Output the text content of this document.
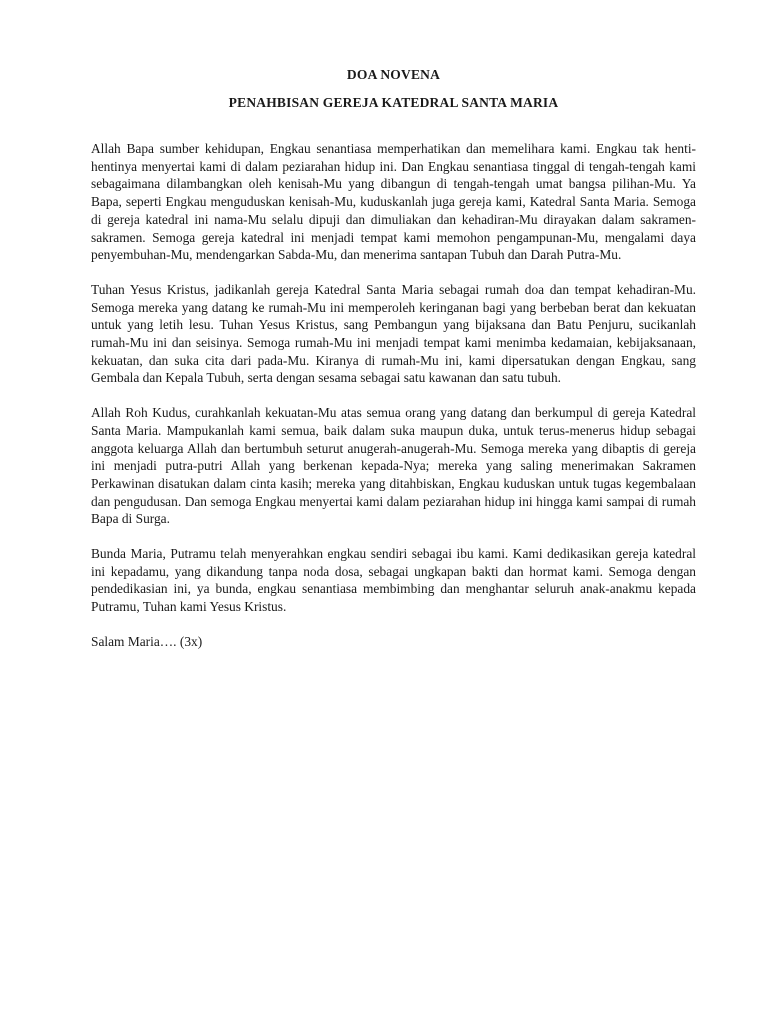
DOA NOVENA
PENAHBISAN GEREJA KATEDRAL SANTA MARIA

Allah Bapa sumber kehidupan, Engkau senantiasa memperhatikan dan memelihara kami. Engkau tak henti-hentinya menyertai kami di dalam peziarahan hidup ini. Dan Engkau senantiasa tinggal di tengah-tengah kami sebagaimana dilambangkan oleh kenisah-Mu yang dibangun di tengah-tengah umat bangsa pilihan-Mu. Ya Bapa, seperti Engkau menguduskan kenisah-Mu, kuduskanlah juga gereja kami, Katedral Santa Maria. Semoga di gereja katedral ini nama-Mu selalu dipuji dan dimuliakan dan kehadiran-Mu dirayakan dalam sakramen-sakramen. Semoga gereja katedral ini menjadi tempat kami memohon pengampunan-Mu, mengalami daya penyembuhan-Mu, mendengarkan Sabda-Mu, dan menerima santapan Tubuh dan Darah Putra-Mu.

Tuhan Yesus Kristus, jadikanlah gereja Katedral Santa Maria sebagai rumah doa dan tempat kehadiran-Mu. Semoga mereka yang datang ke rumah-Mu ini memperoleh keringanan bagi yang berbeban berat dan kekuatan untuk yang letih lesu. Tuhan Yesus Kristus, sang Pembangun yang bijaksana dan Batu Penjuru, sucikanlah rumah-Mu ini dan seisinya. Semoga rumah-Mu ini menjadi tempat kami menimba kedamaian, kebijaksanaan, kekuatan, dan suka cita dari pada-Mu. Kiranya di rumah-Mu ini, kami dipersatukan dengan Engkau, sang Gembala dan Kepala Tubuh, serta dengan sesama sebagai satu kawanan dan satu tubuh.

Allah Roh Kudus, curahkanlah kekuatan-Mu atas semua orang yang datang dan berkumpul di gereja Katedral Santa Maria. Mampukanlah kami semua, baik dalam suka maupun duka, untuk terus-menerus hidup sebagai anggota keluarga Allah dan bertumbuh seturut anugerah-anugerah-Mu. Semoga mereka yang dibaptis di gereja ini menjadi putra-putri Allah yang berkenan kepada-Nya; mereka yang saling menerimakan Sakramen Perkawinan disatukan dalam cinta kasih; mereka yang ditahbiskan, Engkau kuduskan untuk tugas kegembalaan dan pengudusan. Dan semoga Engkau menyertai kami dalam peziarahan hidup ini hingga kami sampai di rumah Bapa di Surga.

Bunda Maria, Putramu telah menyerahkan engkau sendiri sebagai ibu kami. Kami dedikasikan gereja katedral ini kepadamu, yang dikandung tanpa noda dosa, sebagai ungkapan bakti dan hormat kami. Semoga dengan pendedikasian ini, ya bunda, engkau senantiasa membimbing dan menghantar seluruh anak-anakmu kepada Putramu, Tuhan kami Yesus Kristus.

Salam Maria…. (3x)
